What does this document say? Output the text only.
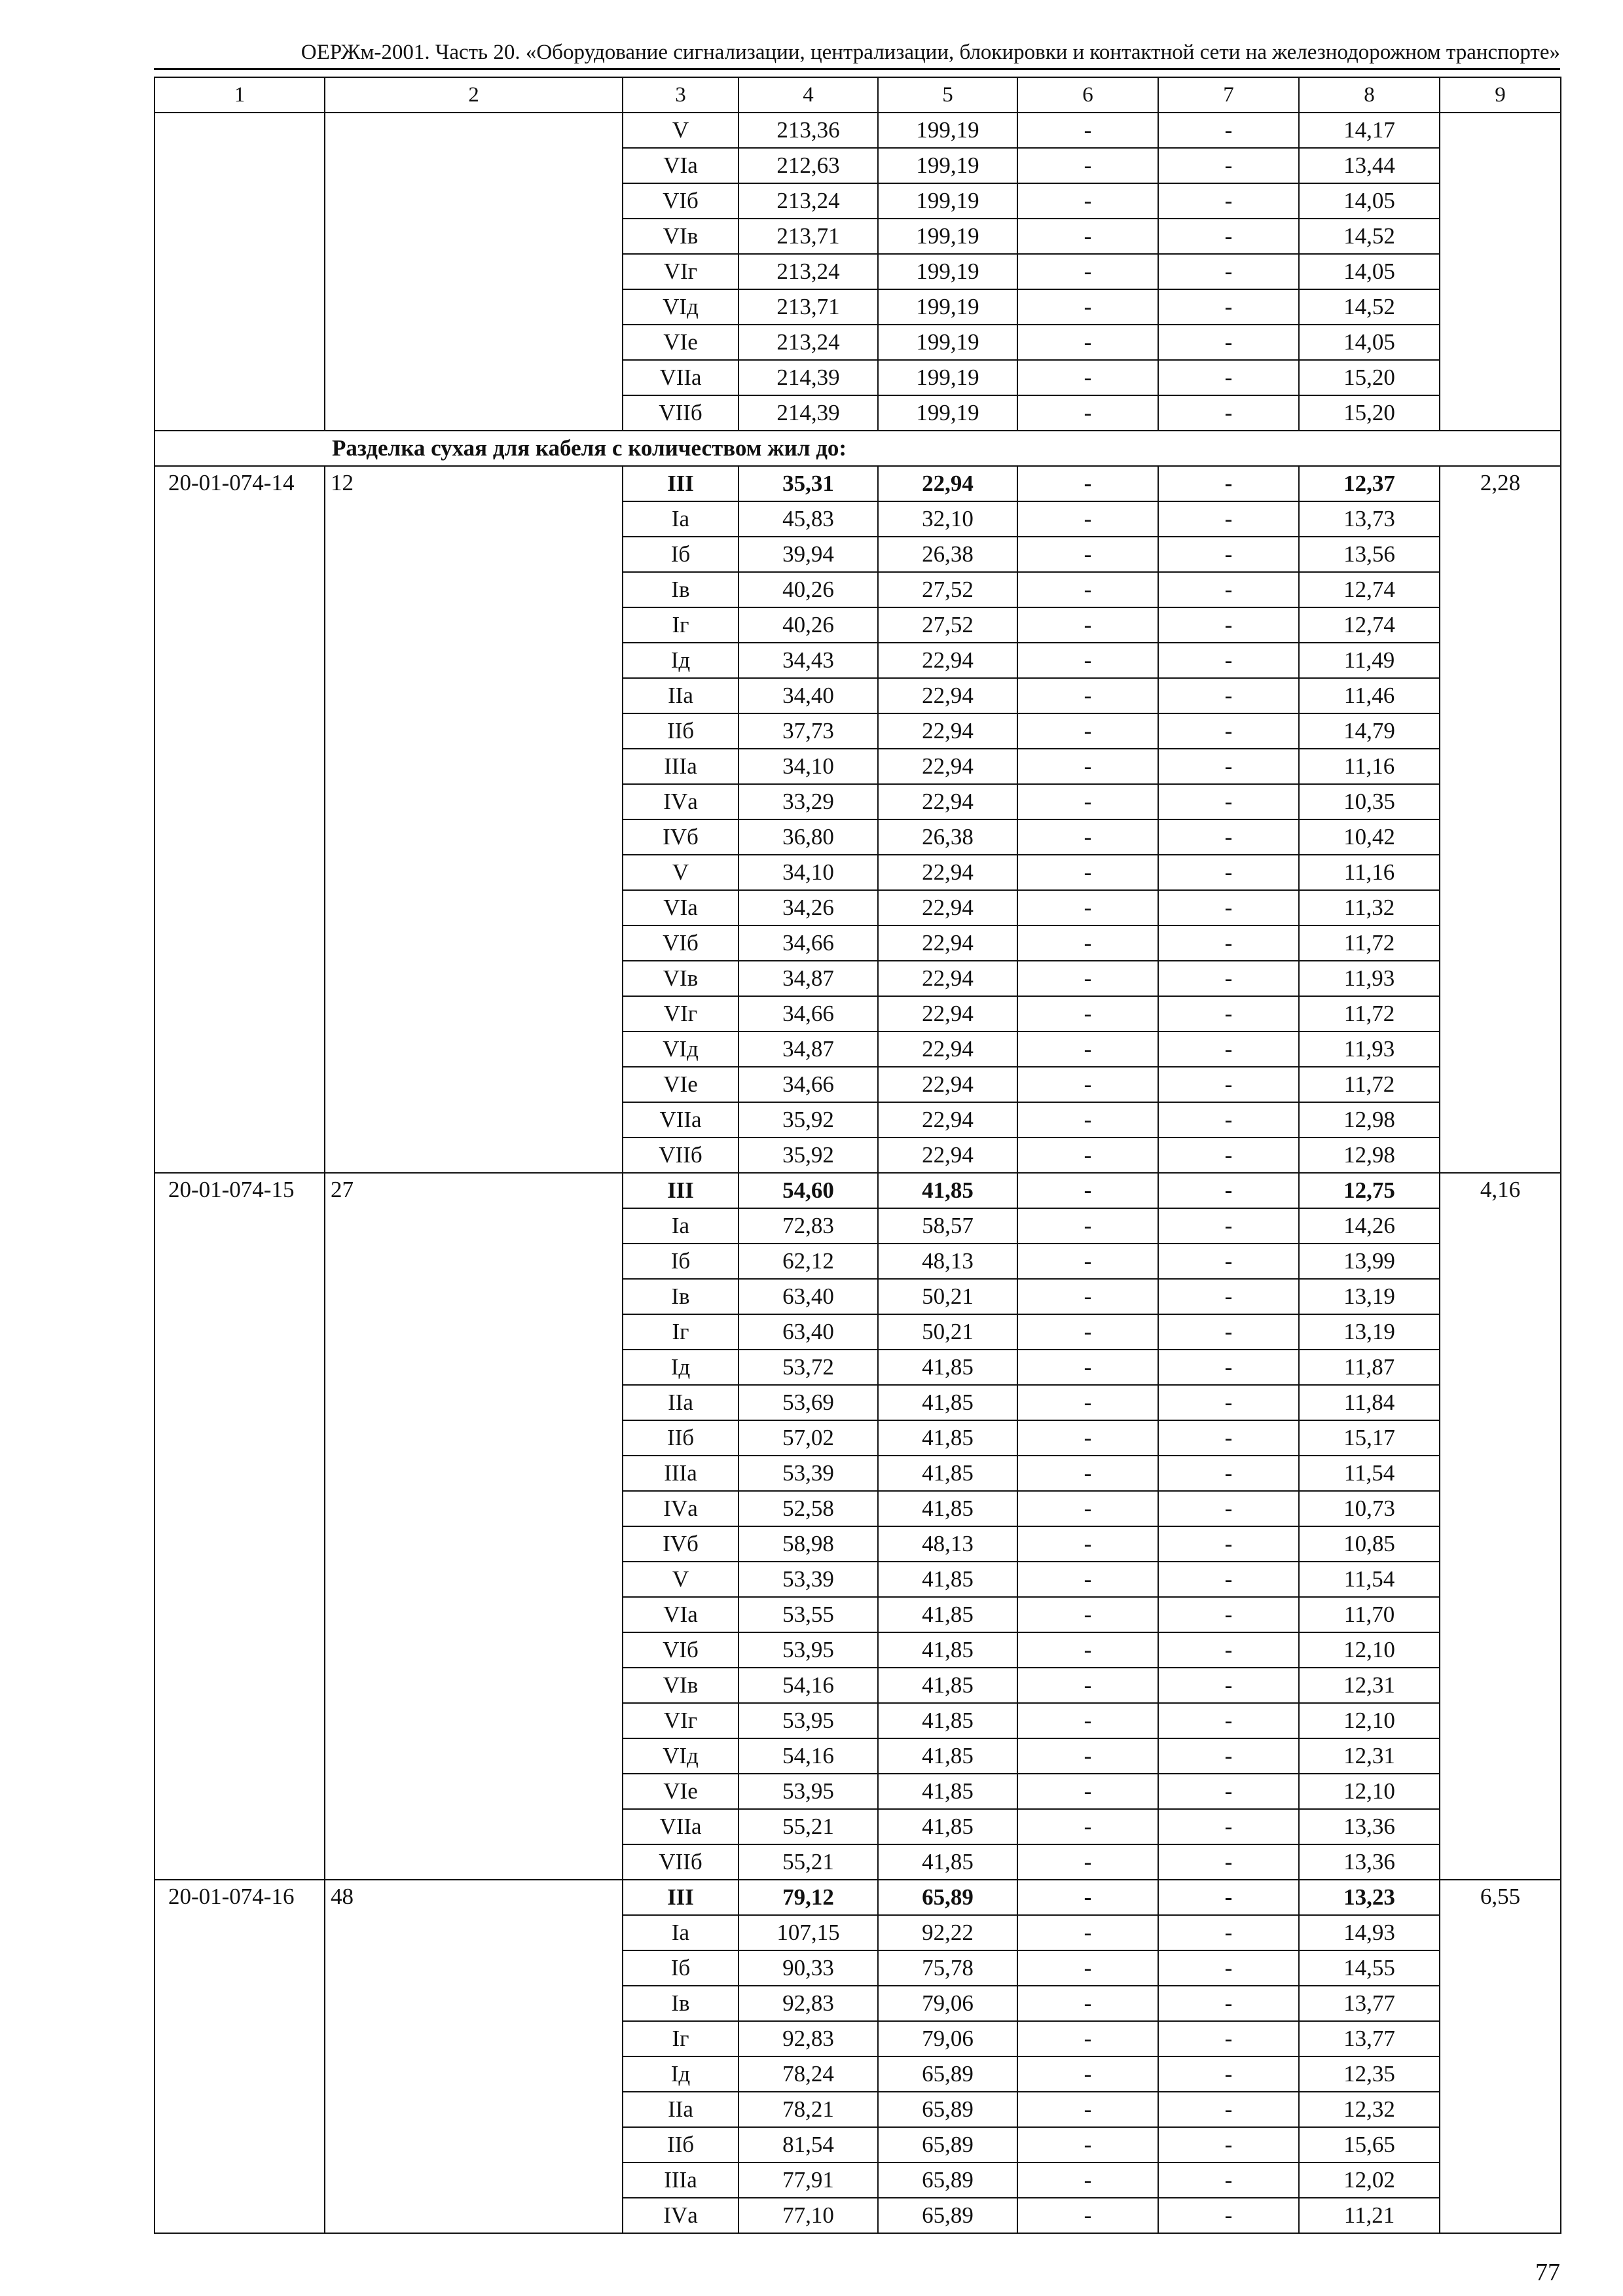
ОЕРЖм-2001. Часть 20. «Оборудование сигнализации, централизации, блокировки и контактной сети на железнодорожном транспорте»
1	2	3	4	5	6	7	8	9
		V	213,36	199,19	-	-	14,17	
		VIа	212,63	199,19	-	-	13,44	
		VIб	213,24	199,19	-	-	14,05	
		VIв	213,71	199,19	-	-	14,52	
		VIг	213,24	199,19	-	-	14,05	
		VIд	213,71	199,19	-	-	14,52	
		VIе	213,24	199,19	-	-	14,05	
		VIIа	214,39	199,19	-	-	15,20	
		VIIб	214,39	199,19	-	-	15,20	
Разделка сухая для кабеля с количеством жил до:								
20-01-074-14	12	III	35,31	22,94	-	-	12,37	2,28
		Iа	45,83	32,10	-	-	13,73	
		Iб	39,94	26,38	-	-	13,56	
		Iв	40,26	27,52	-	-	12,74	
		Iг	40,26	27,52	-	-	12,74	
		Iд	34,43	22,94	-	-	11,49	
		IIа	34,40	22,94	-	-	11,46	
		IIб	37,73	22,94	-	-	14,79	
		IIIа	34,10	22,94	-	-	11,16	
		IVа	33,29	22,94	-	-	10,35	
		IVб	36,80	26,38	-	-	10,42	
		V	34,10	22,94	-	-	11,16	
		VIа	34,26	22,94	-	-	11,32	
		VIб	34,66	22,94	-	-	11,72	
		VIв	34,87	22,94	-	-	11,93	
		VIг	34,66	22,94	-	-	11,72	
		VIд	34,87	22,94	-	-	11,93	
		VIе	34,66	22,94	-	-	11,72	
		VIIа	35,92	22,94	-	-	12,98	
		VIIб	35,92	22,94	-	-	12,98	
20-01-074-15	27	III	54,60	41,85	-	-	12,75	4,16
		Iа	72,83	58,57	-	-	14,26	
		Iб	62,12	48,13	-	-	13,99	
		Iв	63,40	50,21	-	-	13,19	
		Iг	63,40	50,21	-	-	13,19	
		Iд	53,72	41,85	-	-	11,87	
		IIа	53,69	41,85	-	-	11,84	
		IIб	57,02	41,85	-	-	15,17	
		IIIа	53,39	41,85	-	-	11,54	
		IVа	52,58	41,85	-	-	10,73	
		IVб	58,98	48,13	-	-	10,85	
		V	53,39	41,85	-	-	11,54	
		VIа	53,55	41,85	-	-	11,70	
		VIб	53,95	41,85	-	-	12,10	
		VIв	54,16	41,85	-	-	12,31	
		VIг	53,95	41,85	-	-	12,10	
		VIд	54,16	41,85	-	-	12,31	
		VIе	53,95	41,85	-	-	12,10	
		VIIа	55,21	41,85	-	-	13,36	
		VIIб	55,21	41,85	-	-	13,36	
20-01-074-16	48	III	79,12	65,89	-	-	13,23	6,55
		Iа	107,15	92,22	-	-	14,93	
		Iб	90,33	75,78	-	-	14,55	
		Iв	92,83	79,06	-	-	13,77	
		Iг	92,83	79,06	-	-	13,77	
		Iд	78,24	65,89	-	-	12,35	
		IIа	78,21	65,89	-	-	12,32	
		IIб	81,54	65,89	-	-	15,65	
		IIIа	77,91	65,89	-	-	12,02	
		IVа	77,10	65,89	-	-	11,21	
77
